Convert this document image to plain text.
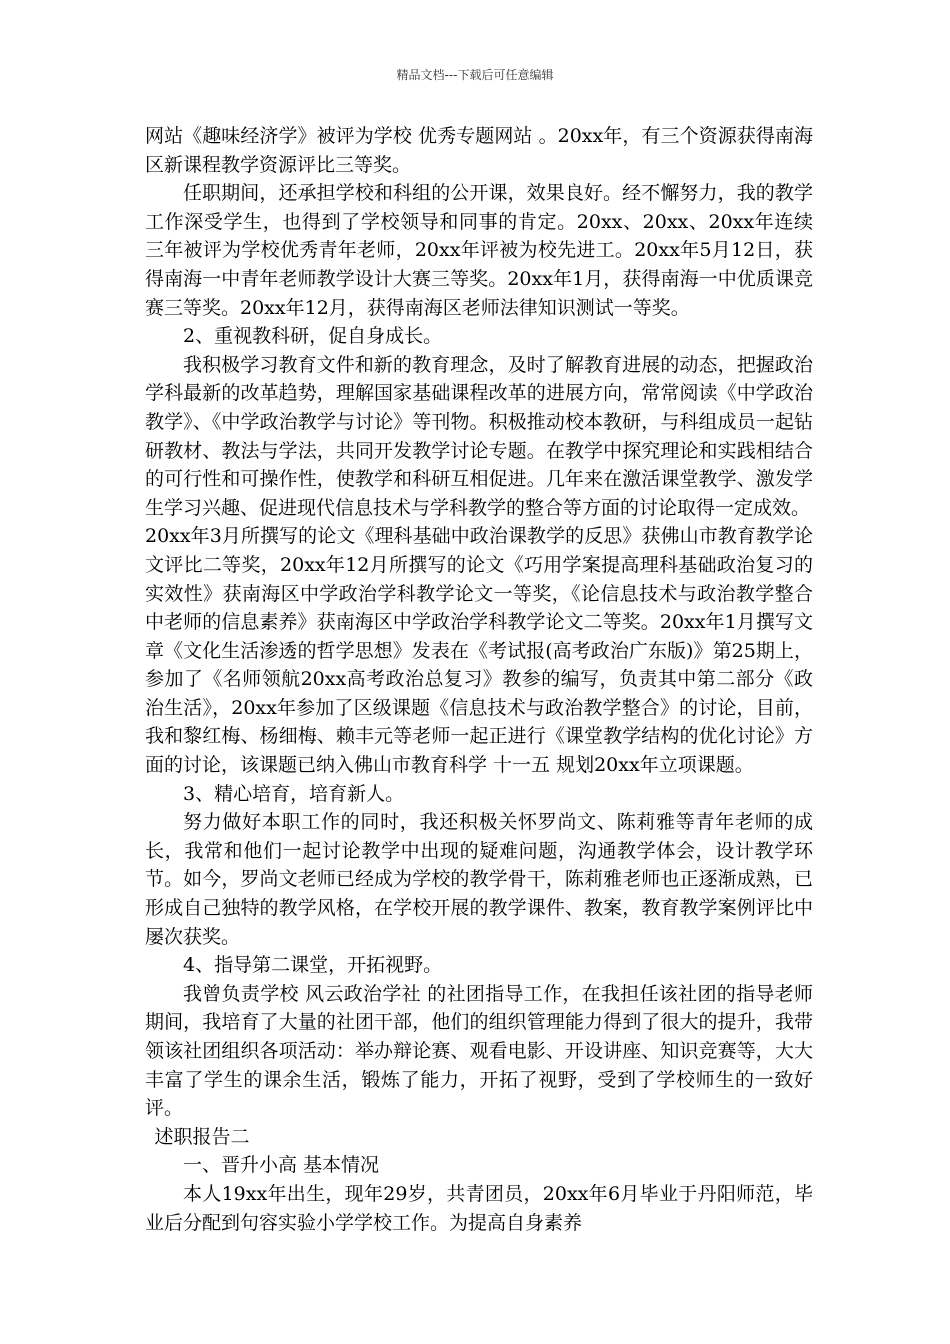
精品文档---下载后可任意编辑

网站《趣味经济学》被评为学校 优秀专题网站 。20xx年，有三个资源获得南海区新课程教学资源评比三等奖。

任职期间，还承担学校和科组的公开课，效果良好。经不懈努力，我的教学工作深受学生，也得到了学校领导和同事的肯定。20xx、20xx、20xx年连续三年被评为学校优秀青年老师，20xx年评被为校先进工。20xx年5月12日，获得南海一中青年老师教学设计大赛三等奖。20xx年1月，获得南海一中优质课竞赛三等奖。20xx年12月，获得南海区老师法律知识测试一等奖。

2、重视教科研，促自身成长。

我积极学习教育文件和新的教育理念，及时了解教育进展的动态，把握政治学科最新的改革趋势，理解国家基础课程改革的进展方向，常常阅读《中学政治教学》、《中学政治教学与讨论》等刊物。积极推动校本教研，与科组成员一起钻研教材、教法与学法，共同开发教学讨论专题。在教学中探究理论和实践相结合的可行性和可操作性，使教学和科研互相促进。几年来在激活课堂教学、激发学生学习兴趣、促进现代信息技术与学科教学的整合等方面的讨论取得一定成效。

20xx年3月所撰写的论文《理科基础中政治课教学的反思》获佛山市教育教学论文评比二等奖，20xx年12月所撰写的论文《巧用学案提高理科基础政治复习的实效性》获南海区中学政治学科教学论文一等奖，《论信息技术与政治教学整合中老师的信息素养》获南海区中学政治学科教学论文二等奖。20xx年1月撰写文章《文化生活渗透的哲学思想》发表在《考试报(高考政治广东版)》第25期上，参加了《名师领航20xx高考政治总复习》教参的编写，负责其中第二部分《政治生活》，20xx年参加了区级课题《信息技术与政治教学整合》的讨论，目前，我和黎红梅、杨细梅、赖丰元等老师一起正进行《课堂教学结构的优化讨论》方面的讨论，该课题已纳入佛山市教育科学 十一五 规划20xx年立项课题。

3、精心培育，培育新人。

努力做好本职工作的同时，我还积极关怀罗尚文、陈莉雅等青年老师的成长，我常和他们一起讨论教学中出现的疑难问题，沟通教学体会，设计教学环节。如今，罗尚文老师已经成为学校的教学骨干，陈莉雅老师也正逐渐成熟，已形成自己独特的教学风格，在学校开展的教学课件、教案，教育教学案例评比中屡次获奖。

4、指导第二课堂，开拓视野。

我曾负责学校 风云政治学社 的社团指导工作，在我担任该社团的指导老师期间，我培育了大量的社团干部，他们的组织管理能力得到了很大的提升，我带领该社团组织各项活动：举办辩论赛、观看电影、开设讲座、知识竞赛等，大大丰富了学生的课余生活，锻炼了能力，开拓了视野，受到了学校师生的一致好评。

述职报告二

一、晋升小高 基本情况

本人19xx年出生，现年29岁，共青团员，20xx年6月毕业于丹阳师范，毕业后分配到句容实验小学学校工作。为提高自身素养
